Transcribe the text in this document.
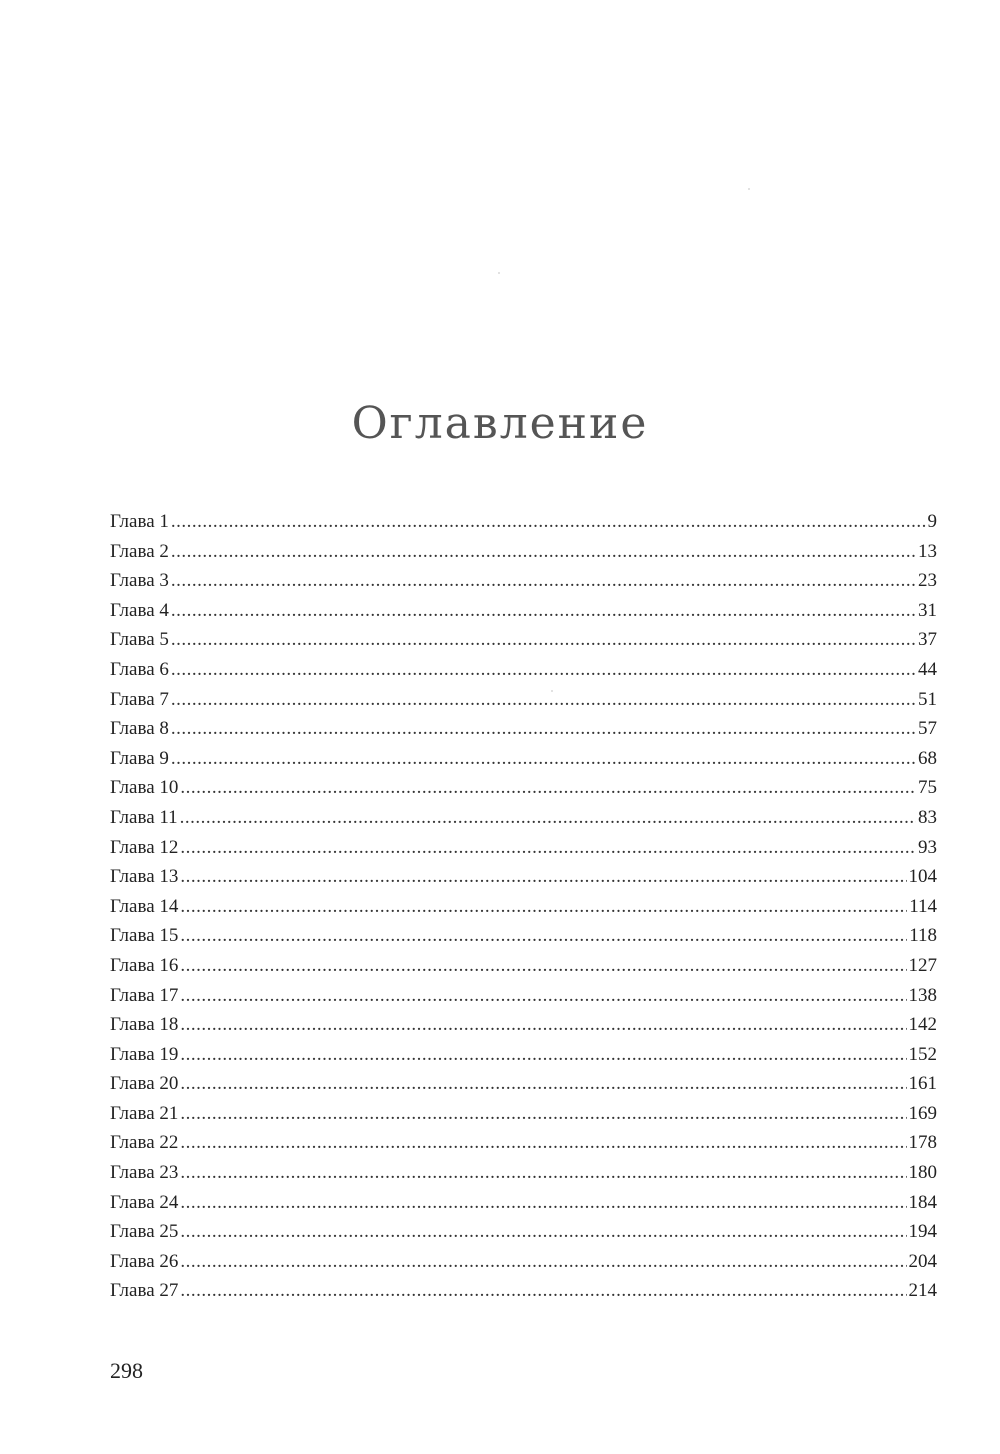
Оглавление
Глава 1 .....	9
Глава 2 .....	13
Глава 3 .....	23
Глава 4 .....	31
Глава 5 .....	37
Глава 6 .....	44
Глава 7 .....	51
Глава 8 .....	57
Глава 9 .....	68
Глава 10 .....	75
Глава 11 .....	83
Глава 12 .....	93
Глава 13 .....	104
Глава 14 .....	114
Глава 15 .....	118
Глава 16 .....	127
Глава 17 .....	138
Глава 18 .....	142
Глава 19 .....	152
Глава 20 .....	161
Глава 21 .....	169
Глава 22 .....	178
Глава 23 .....	180
Глава 24 .....	184
Глава 25 .....	194
Глава 26 .....	204
Глава 27 .....	214

298
